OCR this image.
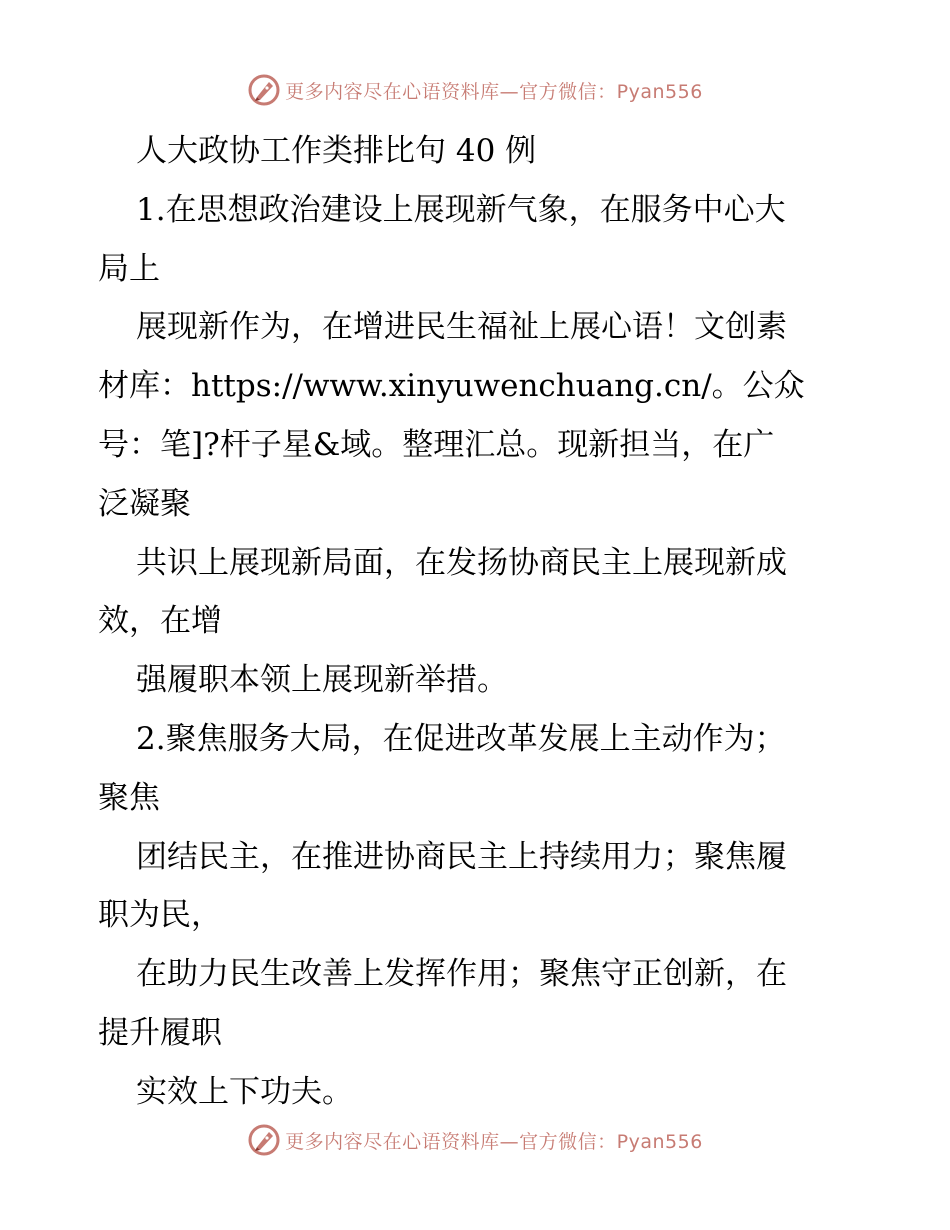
更多内容尽在心语资料库—官方微信：Pyan556
人大政协工作类排比句 40 例
1.在思想政治建设上展现新气象，在服务中心大
局上
展现新作为，在增进民生福祉上展心语！文创素
材库：https://www.xinyuwenchuang.cn/。公众
号：笔]?杆子星&域。整理汇总。现新担当，在广
泛凝聚
共识上展现新局面，在发扬协商民主上展现新成
效，在增
强履职本领上展现新举措。
2.聚焦服务大局，在促进改革发展上主动作为；
聚焦
团结民主，在推进协商民主上持续用力；聚焦履
职为民，
在助力民生改善上发挥作用；聚焦守正创新，在
提升履职
实效上下功夫。
更多内容尽在心语资料库—官方微信：Pyan556
